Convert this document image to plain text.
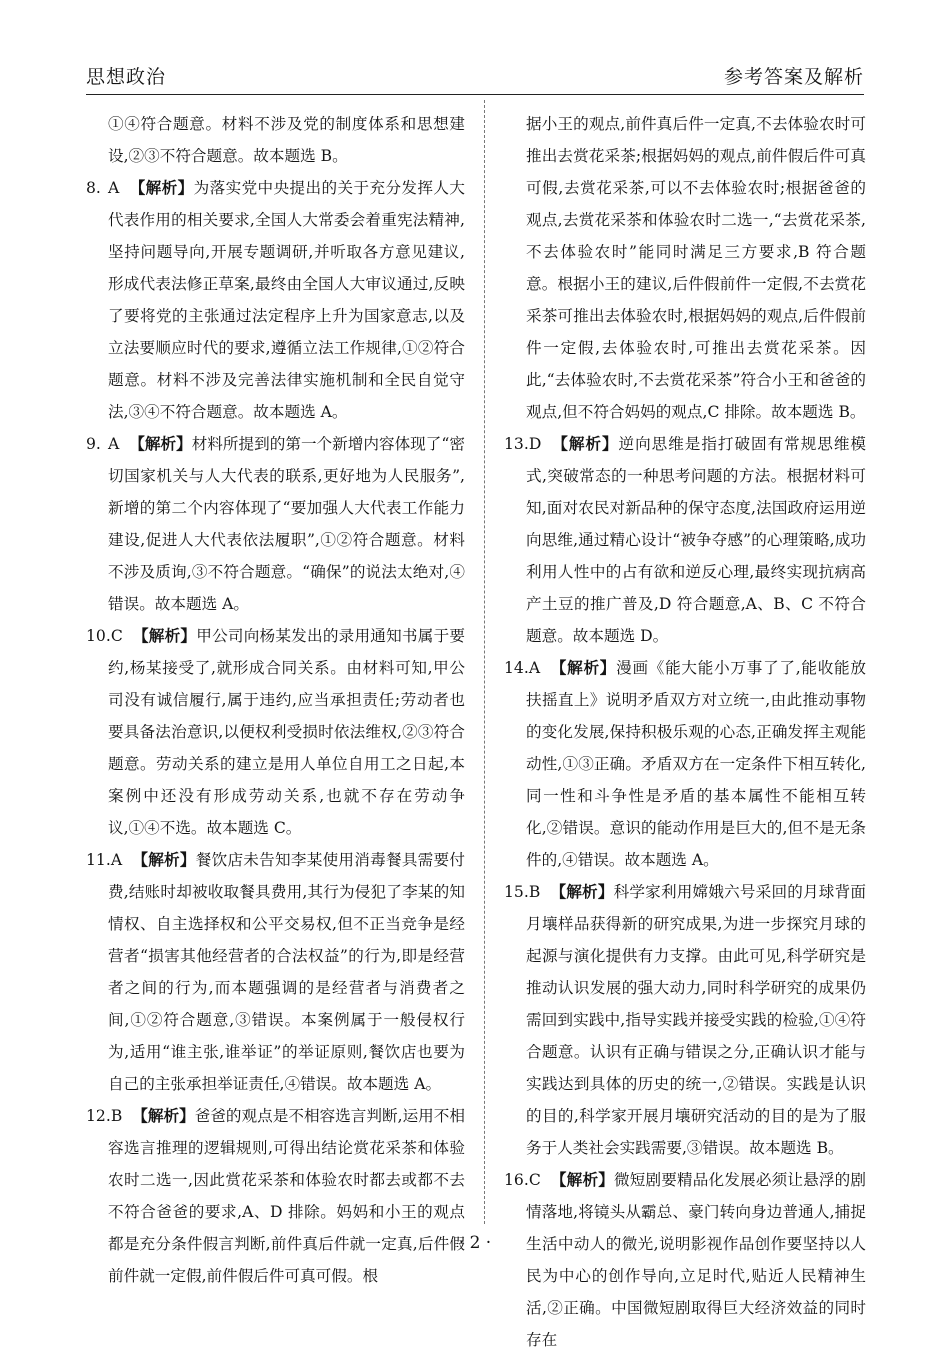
思想政治	参考答案及解析

①④符合题意。材料不涉及党的制度体系和思想建设,②③不符合题意。故本题选 B。

8. A 【解析】为落实党中央提出的关于充分发挥人大代表作用的相关要求,全国人大常委会着重宪法精神,坚持问题导向,开展专题调研,并听取各方意见建议,形成代表法修正草案,最终由全国人大审议通过,反映了要将党的主张通过法定程序上升为国家意志,以及立法要顺应时代的要求,遵循立法工作规律,①②符合题意。材料不涉及完善法律实施机制和全民自觉守法,③④不符合题意。故本题选 A。

9. A 【解析】材料所提到的第一个新增内容体现了“密切国家机关与人大代表的联系,更好地为人民服务”,新增的第二个内容体现了“要加强人大代表工作能力建设,促进人大代表依法履职”,①②符合题意。材料不涉及质询,③不符合题意。“确保”的说法太绝对,④错误。故本题选 A。

10.C 【解析】甲公司向杨某发出的录用通知书属于要约,杨某接受了,就形成合同关系。由材料可知,甲公司没有诚信履行,属于违约,应当承担责任;劳动者也要具备法治意识,以便权利受损时依法维权,②③符合题意。劳动关系的建立是用人单位自用工之日起,本案例中还没有形成劳动关系,也就不存在劳动争议,①④不选。故本题选 C。

11.A 【解析】餐饮店未告知李某使用消毒餐具需要付费,结账时却被收取餐具费用,其行为侵犯了李某的知情权、自主选择权和公平交易权,但不正当竞争是经营者“损害其他经营者的合法权益”的行为,即是经营者之间的行为,而本题强调的是经营者与消费者之间,①②符合题意,③错误。本案例属于一般侵权行为,适用“谁主张,谁举证”的举证原则,餐饮店也要为自己的主张承担举证责任,④错误。故本题选 A。

12.B 【解析】爸爸的观点是不相容选言判断,运用不相容选言推理的逻辑规则,可得出结论赏花采茶和体验农时二选一,因此赏花采茶和体验农时都去或都不去不符合爸爸的要求,A、D 排除。妈妈和小王的观点都是充分条件假言判断,前件真后件就一定真,后件假前件就一定假,前件假后件可真可假。根

据小王的观点,前件真后件一定真,不去体验农时可推出去赏花采茶;根据妈妈的观点,前件假后件可真可假,去赏花采茶,可以不去体验农时;根据爸爸的观点,去赏花采茶和体验农时二选一,“去赏花采茶,不去体验农时”能同时满足三方要求,B 符合题意。根据小王的建议,后件假前件一定假,不去赏花采茶可推出去体验农时,根据妈妈的观点,后件假前件一定假,去体验农时,可推出去赏花采茶。因此,“去体验农时,不去赏花采茶”符合小王和爸爸的观点,但不符合妈妈的观点,C 排除。故本题选 B。

13.D 【解析】逆向思维是指打破固有常规思维模式,突破常态的一种思考问题的方法。根据材料可知,面对农民对新品种的保守态度,法国政府运用逆向思维,通过精心设计“被争夺感”的心理策略,成功利用人性中的占有欲和逆反心理,最终实现抗病高产土豆的推广普及,D 符合题意,A、B、C 不符合题意。故本题选 D。

14.A 【解析】漫画《能大能小万事了了,能收能放扶摇直上》说明矛盾双方对立统一,由此推动事物的变化发展,保持积极乐观的心态,正确发挥主观能动性,①③正确。矛盾双方在一定条件下相互转化,同一性和斗争性是矛盾的基本属性不能相互转化,②错误。意识的能动作用是巨大的,但不是无条件的,④错误。故本题选 A。

15.B 【解析】科学家利用嫦娥六号采回的月球背面月壤样品获得新的研究成果,为进一步探究月球的起源与演化提供有力支撑。由此可见,科学研究是推动认识发展的强大动力,同时科学研究的成果仍需回到实践中,指导实践并接受实践的检验,①④符合题意。认识有正确与错误之分,正确认识才能与实践达到具体的历史的统一,②错误。实践是认识的目的,科学家开展月壤研究活动的目的是为了服务于人类社会实践需要,③错误。故本题选 B。

16.C 【解析】微短剧要精品化发展必须让悬浮的剧情落地,将镜头从霸总、豪门转向身边普通人,捕捉生活中动人的微光,说明影视作品创作要坚持以人民为中心的创作导向,立足时代,贴近人民精神生活,②正确。中国微短剧取得巨大经济效益的同时存在

· 2 ·
